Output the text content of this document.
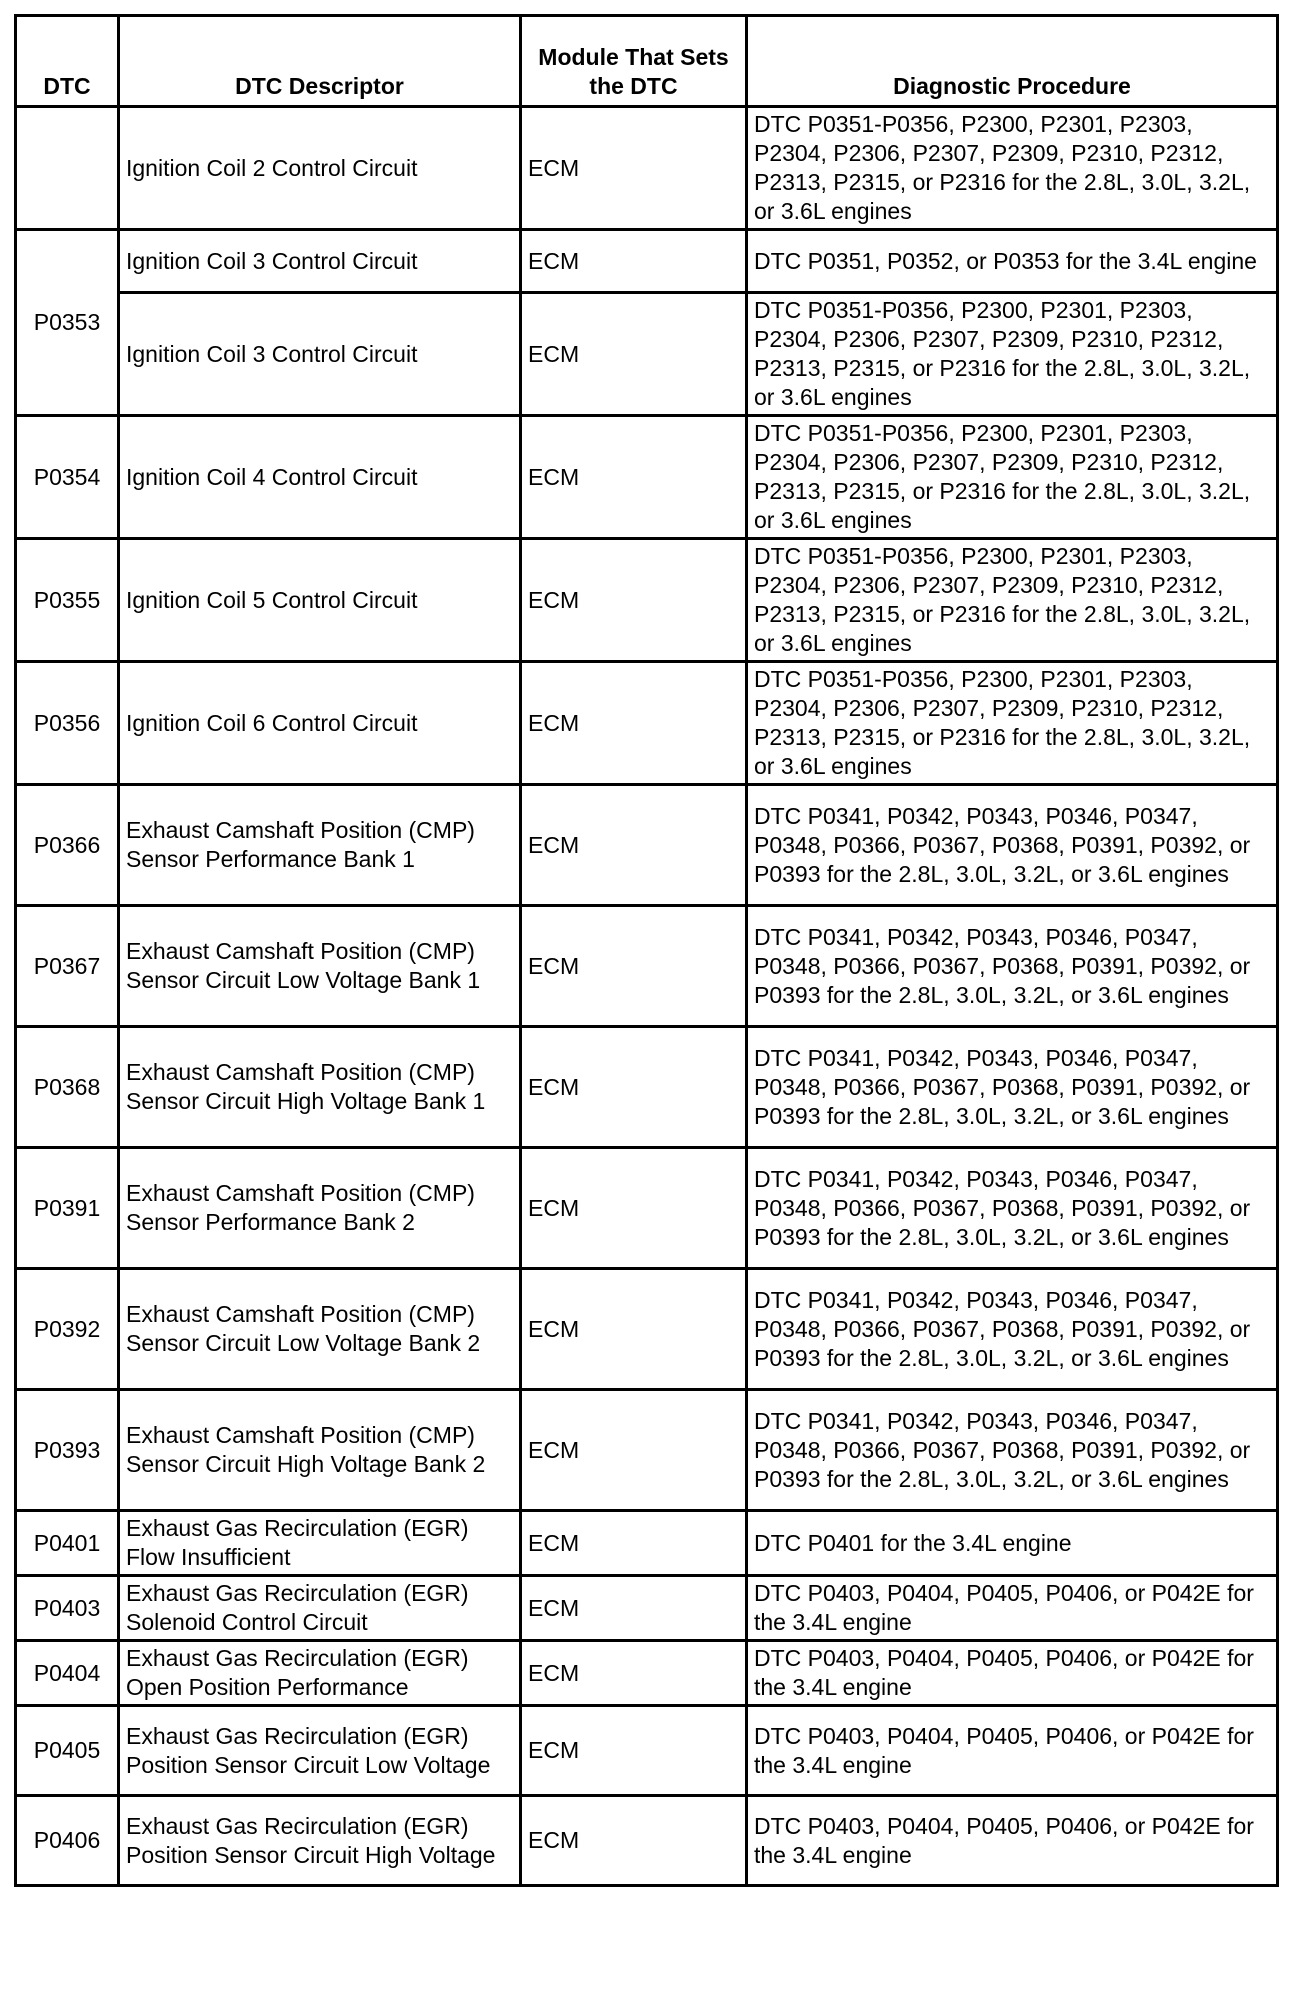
DTC	DTC Descriptor	Module That Sets the DTC	Diagnostic Procedure
	Ignition Coil 2 Control Circuit	ECM	DTC P0351-P0356, P2300, P2301, P2303, P2304, P2306, P2307, P2309, P2310, P2312, P2313, P2315, or P2316 for the 2.8L, 3.0L, 3.2L, or 3.6L engines
P0353	Ignition Coil 3 Control Circuit	ECM	DTC P0351, P0352, or P0353 for the 3.4L engine
	Ignition Coil 3 Control Circuit	ECM	DTC P0351-P0356, P2300, P2301, P2303, P2304, P2306, P2307, P2309, P2310, P2312, P2313, P2315, or P2316 for the 2.8L, 3.0L, 3.2L, or 3.6L engines
P0354	Ignition Coil 4 Control Circuit	ECM	DTC P0351-P0356, P2300, P2301, P2303, P2304, P2306, P2307, P2309, P2310, P2312, P2313, P2315, or P2316 for the 2.8L, 3.0L, 3.2L, or 3.6L engines
P0355	Ignition Coil 5 Control Circuit	ECM	DTC P0351-P0356, P2300, P2301, P2303, P2304, P2306, P2307, P2309, P2310, P2312, P2313, P2315, or P2316 for the 2.8L, 3.0L, 3.2L, or 3.6L engines
P0356	Ignition Coil 6 Control Circuit	ECM	DTC P0351-P0356, P2300, P2301, P2303, P2304, P2306, P2307, P2309, P2310, P2312, P2313, P2315, or P2316 for the 2.8L, 3.0L, 3.2L, or 3.6L engines
P0366	Exhaust Camshaft Position (CMP) Sensor Performance Bank 1	ECM	DTC P0341, P0342, P0343, P0346, P0347, P0348, P0366, P0367, P0368, P0391, P0392, or P0393 for the 2.8L, 3.0L, 3.2L, or 3.6L engines
P0367	Exhaust Camshaft Position (CMP) Sensor Circuit Low Voltage Bank 1	ECM	DTC P0341, P0342, P0343, P0346, P0347, P0348, P0366, P0367, P0368, P0391, P0392, or P0393 for the 2.8L, 3.0L, 3.2L, or 3.6L engines
P0368	Exhaust Camshaft Position (CMP) Sensor Circuit High Voltage Bank 1	ECM	DTC P0341, P0342, P0343, P0346, P0347, P0348, P0366, P0367, P0368, P0391, P0392, or P0393 for the 2.8L, 3.0L, 3.2L, or 3.6L engines
P0391	Exhaust Camshaft Position (CMP) Sensor Performance Bank 2	ECM	DTC P0341, P0342, P0343, P0346, P0347, P0348, P0366, P0367, P0368, P0391, P0392, or P0393 for the 2.8L, 3.0L, 3.2L, or 3.6L engines
P0392	Exhaust Camshaft Position (CMP) Sensor Circuit Low Voltage Bank 2	ECM	DTC P0341, P0342, P0343, P0346, P0347, P0348, P0366, P0367, P0368, P0391, P0392, or P0393 for the 2.8L, 3.0L, 3.2L, or 3.6L engines
P0393	Exhaust Camshaft Position (CMP) Sensor Circuit High Voltage Bank 2	ECM	DTC P0341, P0342, P0343, P0346, P0347, P0348, P0366, P0367, P0368, P0391, P0392, or P0393 for the 2.8L, 3.0L, 3.2L, or 3.6L engines
P0401	Exhaust Gas Recirculation (EGR) Flow Insufficient	ECM	DTC P0401 for the 3.4L engine
P0403	Exhaust Gas Recirculation (EGR) Solenoid Control Circuit	ECM	DTC P0403, P0404, P0405, P0406, or P042E for the 3.4L engine
P0404	Exhaust Gas Recirculation (EGR) Open Position Performance	ECM	DTC P0403, P0404, P0405, P0406, or P042E for the 3.4L engine
P0405	Exhaust Gas Recirculation (EGR) Position Sensor Circuit Low Voltage	ECM	DTC P0403, P0404, P0405, P0406, or P042E for the 3.4L engine
P0406	Exhaust Gas Recirculation (EGR) Position Sensor Circuit High Voltage	ECM	DTC P0403, P0404, P0405, P0406, or P042E for the 3.4L engine
